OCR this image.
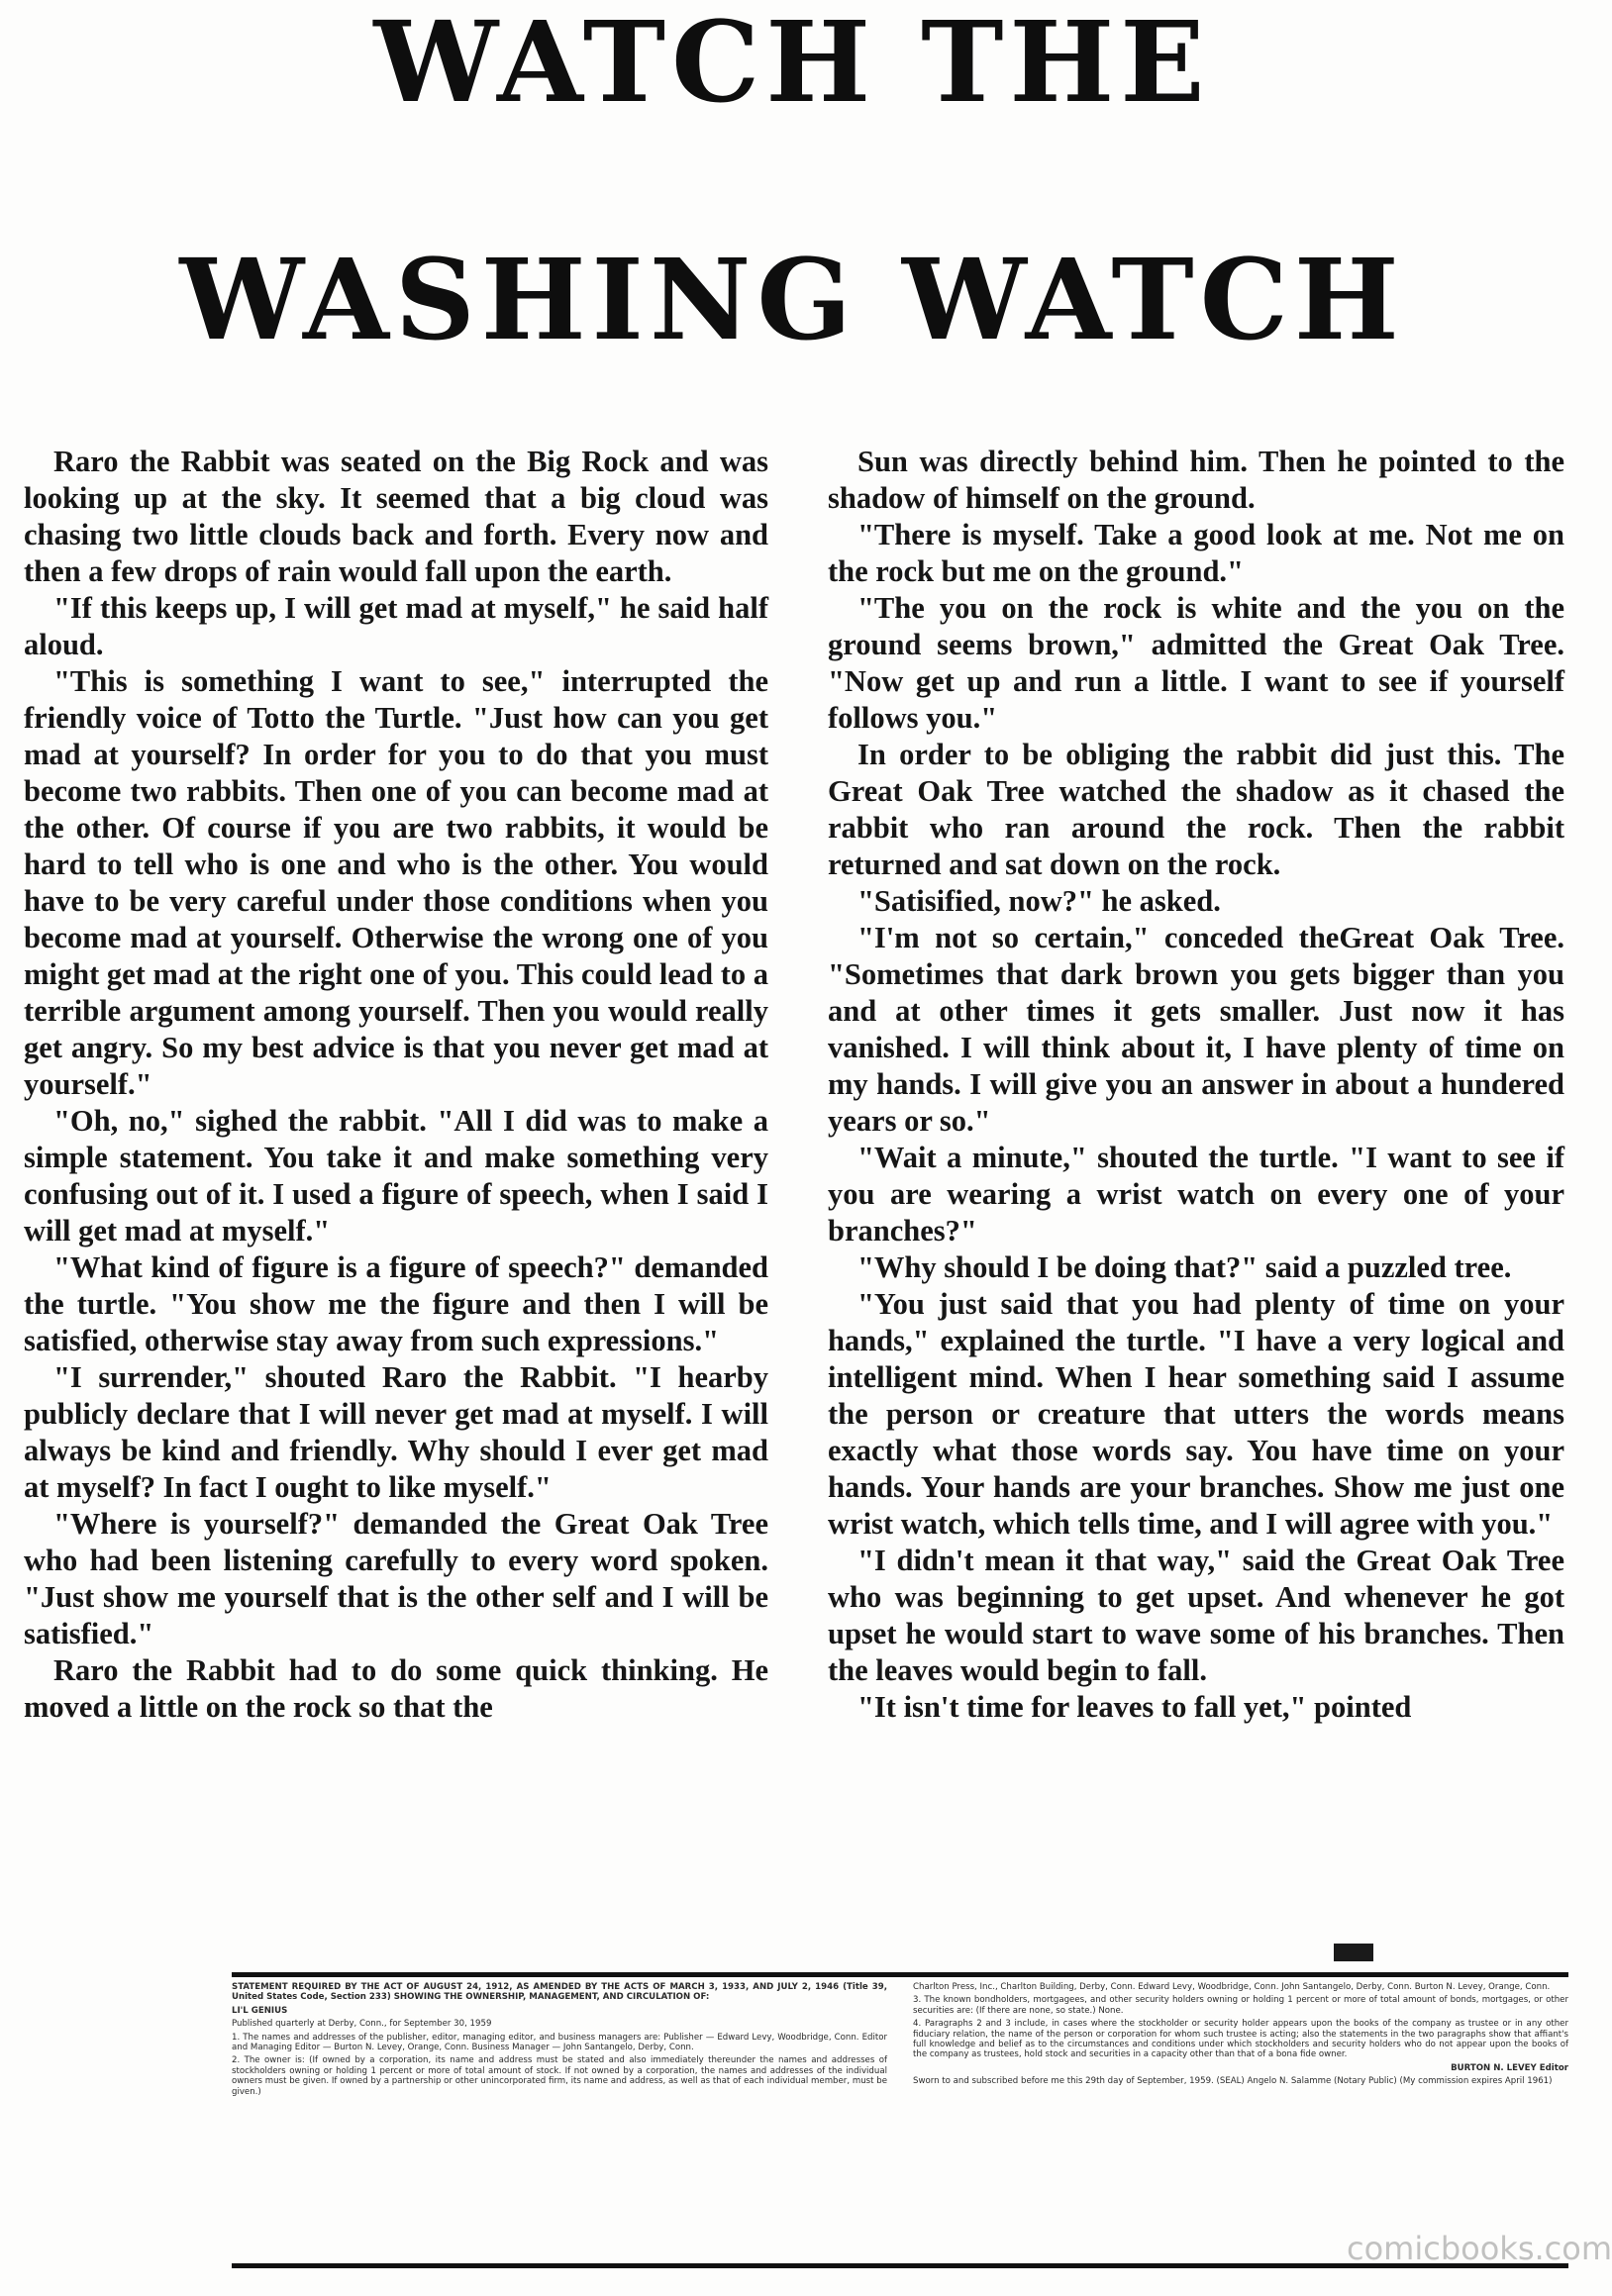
WATCH THE
WASHING WATCH

Raro the Rabbit was seated on the Big Rock and was looking up at the sky. It seemed that a big cloud was chasing two little clouds back and forth. Every now and then a few drops of rain would fall upon the earth.

"If this keeps up, I will get mad at myself," he said half aloud.

"This is something I want to see," interrupted the friendly voice of Totto the Turtle. "Just how can you get mad at yourself? In order for you to do that you must become two rabbits. Then one of you can become mad at the other. Of course if you are two rabbits, it would be hard to tell who is one and who is the other. You would have to be very careful under those conditions when you become mad at yourself. Otherwise the wrong one of you might get mad at the right one of you. This could lead to a terrible argument among yourself. Then you would really get angry. So my best advice is that you never get mad at yourself."

"Oh, no," sighed the rabbit. "All I did was to make a simple statement. You take it and make something very confusing out of it. I used a figure of speech, when I said I will get mad at myself."

"What kind of figure is a figure of speech?" demanded the turtle. "You show me the figure and then I will be satisfied, otherwise stay away from such expressions."

"I surrender," shouted Raro the Rabbit. "I hearby publicly declare that I will never get mad at myself. I will always be kind and friendly. Why should I ever get mad at myself? In fact I ought to like myself."

"Where is yourself?" demanded the Great Oak Tree who had been listening carefully to every word spoken. "Just show me yourself that is the other self and I will be satisfied."

Raro the Rabbit had to do some quick thinking. He moved a little on the rock so that the

Sun was directly behind him. Then he pointed to the shadow of himself on the ground.

"There is myself. Take a good look at me. Not me on the rock but me on the ground."

"The you on the rock is white and the you on the ground seems brown," admitted the Great Oak Tree. "Now get up and run a little. I want to see if yourself follows you."

In order to be obliging the rabbit did just this. The Great Oak Tree watched the shadow as it chased the rabbit who ran around the rock. Then the rabbit returned and sat down on the rock.

"Satisified, now?" he asked.

"I'm not so certain," conceded theGreat Oak Tree. "Sometimes that dark brown you gets bigger than you and at other times it gets smaller. Just now it has vanished. I will think about it, I have plenty of time on my hands. I will give you an answer in about a hundered years or so."

"Wait a minute," shouted the turtle. "I want to see if you are wearing a wrist watch on every one of your branches?"

"Why should I be doing that?" said a puzzled tree.

"You just said that you had plenty of time on your hands," explained the turtle. "I have a very logical and intelligent mind. When I hear something said I assume the person or creature that utters the words means exactly what those words say. You have time on your hands. Your hands are your branches. Show me just one wrist watch, which tells time, and I will agree with you."

"I didn't mean it that way," said the Great Oak Tree who was beginning to get upset. And whenever he got upset he would start to wave some of his branches. Then the leaves would begin to fall.

"It isn't time for leaves to fall yet," pointed

STATEMENT REQUIRED BY THE ACT OF AUGUST 24, 1912, AS AMENDED BY THE ACTS OF MARCH 3, 1933, AND JULY 2, 1946 (Title 39, United States Code, Section 233) SHOWING THE OWNERSHIP, MANAGEMENT, AND CIRCULATION OF:

LI'L GENIUS

Published quarterly at Derby, Conn., for September 30, 1959

1. The names and addresses of the publisher, editor, managing editor, and business managers are: Publisher — Edward Levy, Woodbridge, Conn. Editor and Managing Editor — Burton N. Levey, Orange, Conn. Business Manager — John Santangelo, Derby, Conn.

2. The owner is: (If owned by a corporation, its name and address must be stated and also immediately thereunder the names and addresses of stockholders owning or holding 1 percent or more of total amount of stock. If not owned by a corporation, the names and addresses of the individual owners must be given. If owned by a partnership or other unincorporated firm, its name and address, as well as that of each individual member, must be given.)

Charlton Press, Inc., Charlton Building, Derby, Conn. Edward Levy, Woodbridge, Conn. John Santangelo, Derby, Conn. Burton N. Levey, Orange, Conn.

3. The known bondholders, mortgagees, and other security holders owning or holding 1 percent or more of total amount of bonds, mortgages, or other securities are: (If there are none, so state.) None.

4. Paragraphs 2 and 3 include, in cases where the stockholder or security holder appears upon the books of the company as trustee or in any other fiduciary relation, the name of the person or corporation for whom such trustee is acting; also the statements in the two paragraphs show that affiant's full knowledge and belief as to the circumstances and conditions under which stockholders and security holders who do not appear upon the books of the company as trustees, hold stock and securities in a capacity other than that of a bona fide owner.

BURTON N. LEVEY Editor

Sworn to and subscribed before me this 29th day of September, 1959. (SEAL) Angelo N. Salamme (Notary Public) (My commission expires April 1961)

comicbooks.com
